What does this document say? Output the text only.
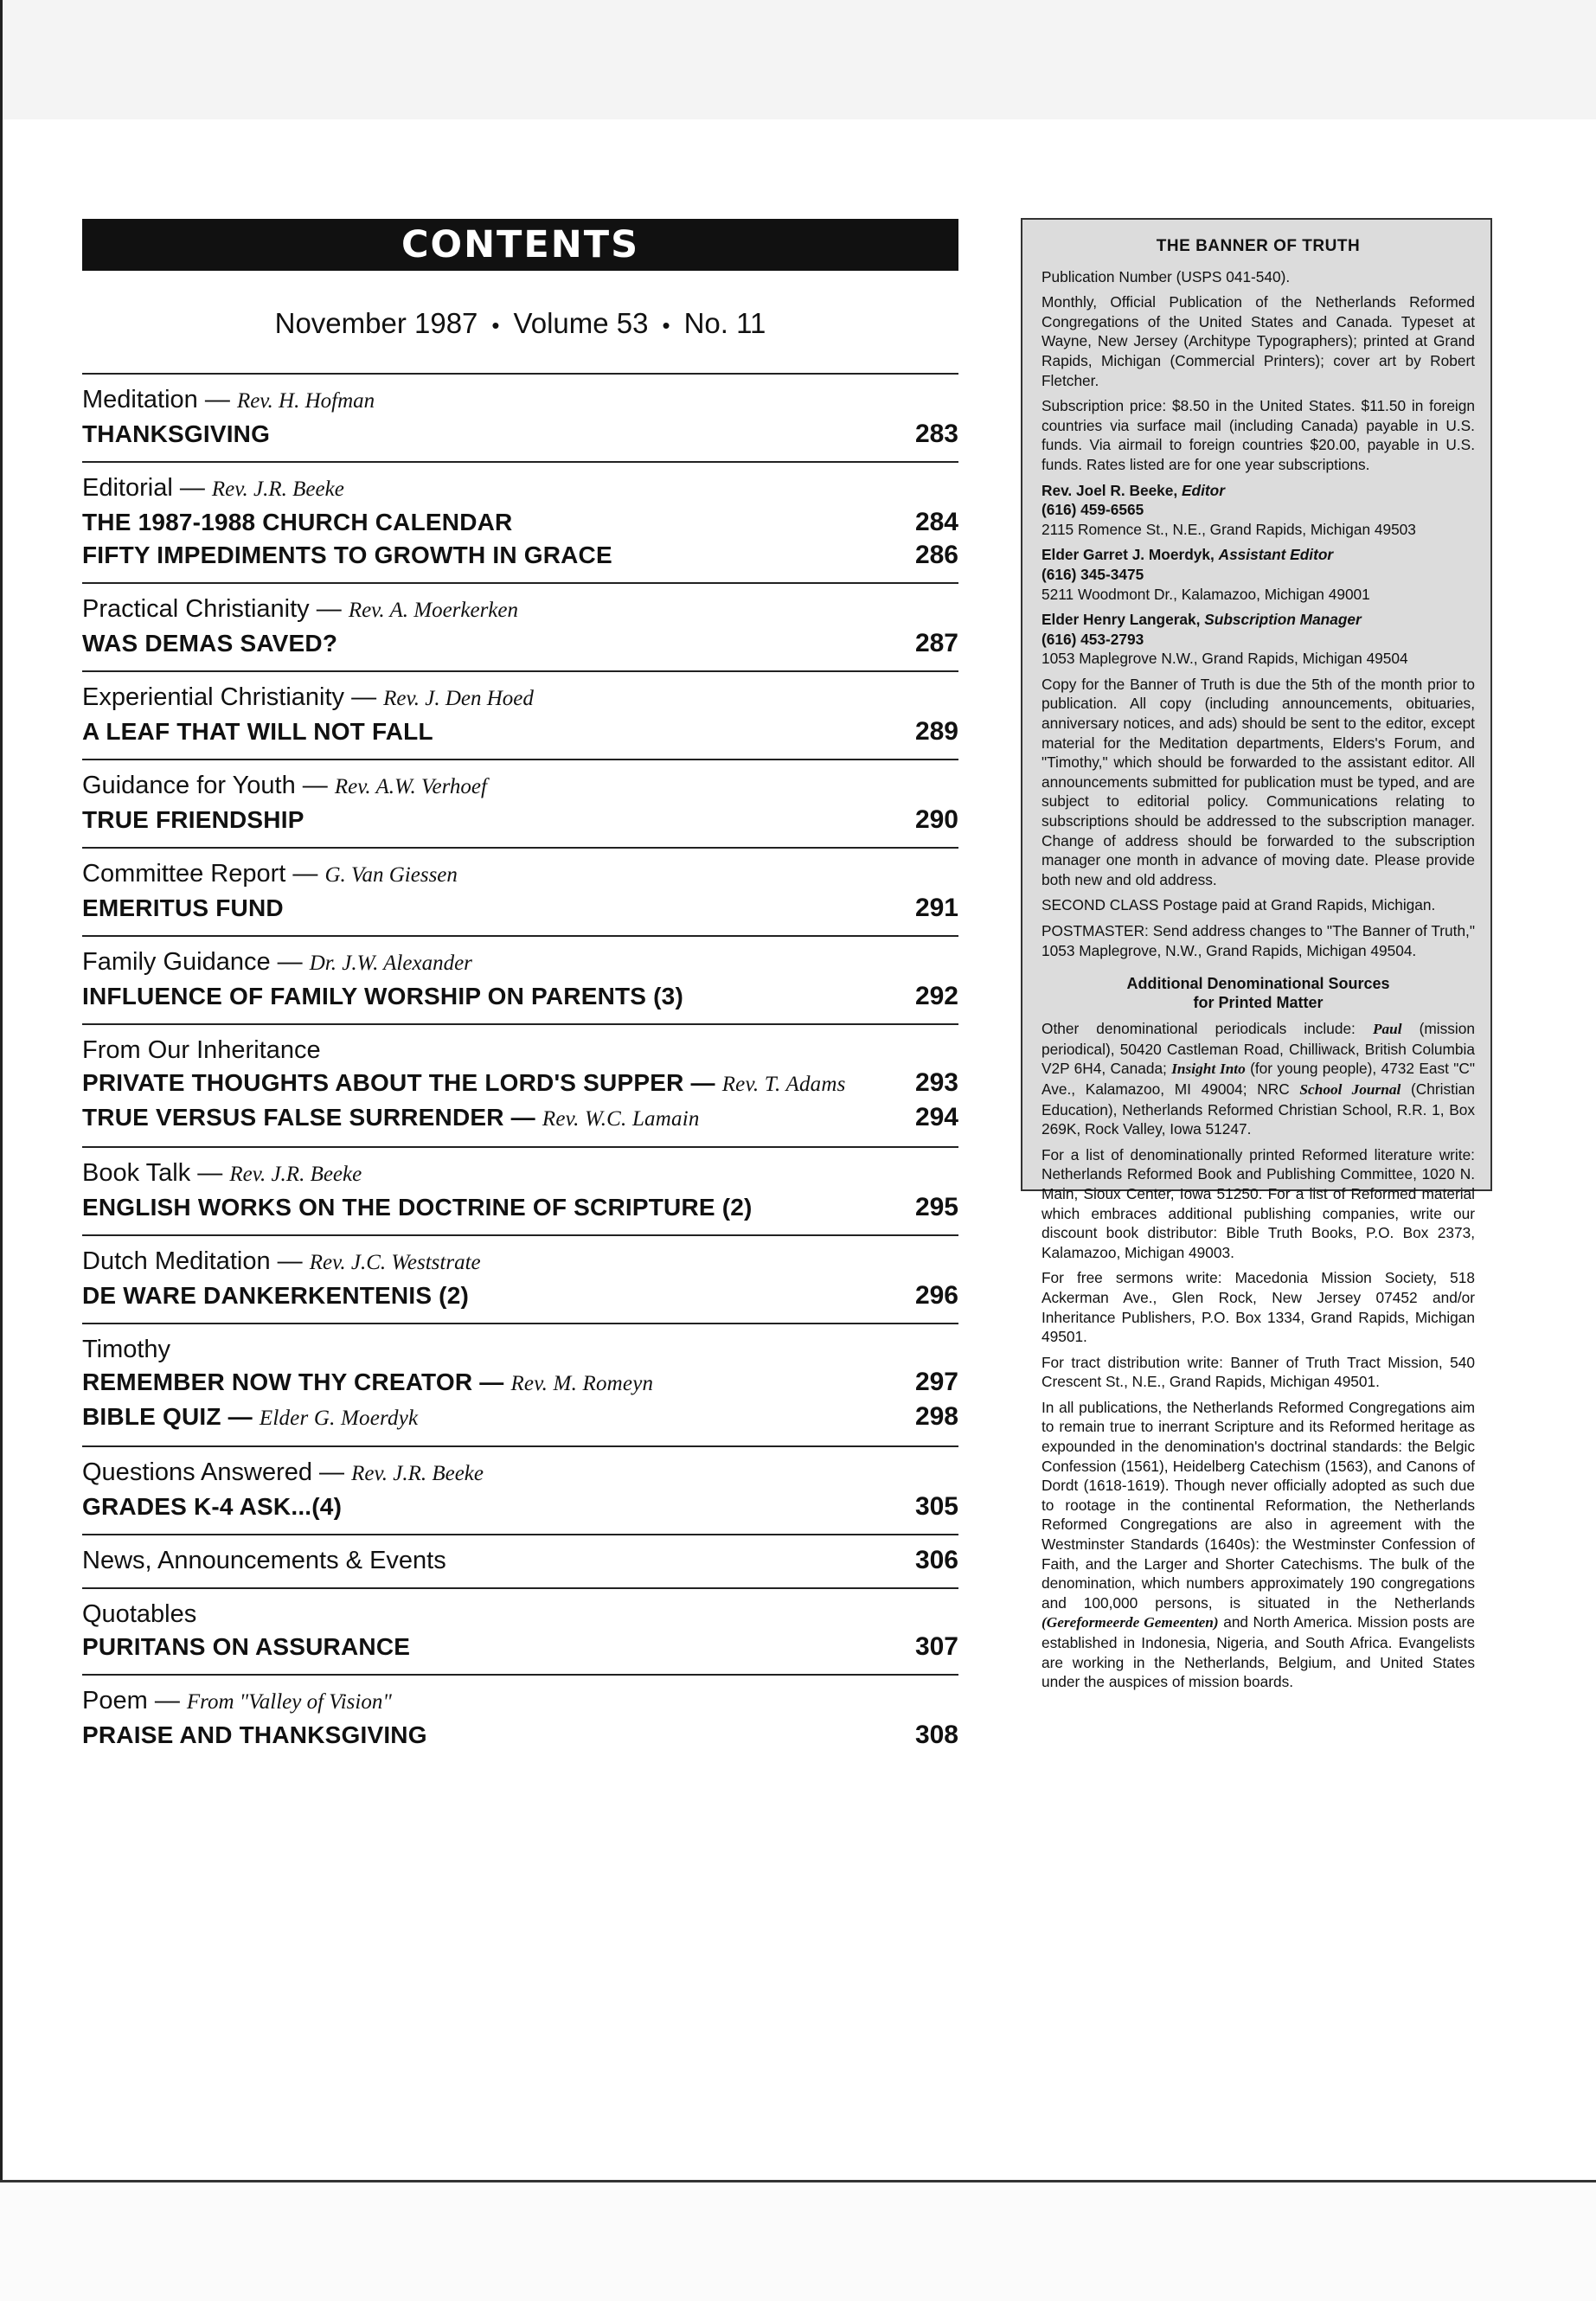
CONTENTS
November 1987 • Volume 53 • No. 11
Meditation — Rev. H. Hofman
THANKSGIVING	283
Editorial — Rev. J.R. Beeke
THE 1987-1988 CHURCH CALENDAR	284
FIFTY IMPEDIMENTS TO GROWTH IN GRACE	286
Practical Christianity — Rev. A. Moerkerken
WAS DEMAS SAVED?	287
Experiential Christianity — Rev. J. Den Hoed
A LEAF THAT WILL NOT FALL	289
Guidance for Youth — Rev. A.W. Verhoef
TRUE FRIENDSHIP	290
Committee Report — G. Van Giessen
EMERITUS FUND	291
Family Guidance — Dr. J.W. Alexander
INFLUENCE OF FAMILY WORSHIP ON PARENTS (3)	292
From Our Inheritance
PRIVATE THOUGHTS ABOUT THE LORD'S SUPPER — Rev. T. Adams	293
TRUE VERSUS FALSE SURRENDER — Rev. W.C. Lamain	294
Book Talk — Rev. J.R. Beeke
ENGLISH WORKS ON THE DOCTRINE OF SCRIPTURE (2)	295
Dutch Meditation — Rev. J.C. Weststrate
DE WARE DANKERKENTENIS (2)	296
Timothy
REMEMBER NOW THY CREATOR — Rev. M. Romeyn	297
BIBLE QUIZ — Elder G. Moerdyk	298
Questions Answered — Rev. J.R. Beeke
GRADES K-4 ASK...(4)	305
News, Announcements & Events	306
Quotables
PURITANS ON ASSURANCE	307
Poem — From "Valley of Vision"
PRAISE AND THANKSGIVING	308
THE BANNER OF TRUTH

Publication Number (USPS 041-540).

Monthly, Official Publication of the Netherlands Reformed Congregations of the United States and Canada. Typeset at Wayne, New Jersey (Architype Typographers); printed at Grand Rapids, Michigan (Commercial Printers); cover art by Robert Fletcher.

Subscription price: $8.50 in the United States. $11.50 in foreign countries via surface mail (including Canada) payable in U.S. funds. Via airmail to foreign countries $20.00, payable in U.S. funds. Rates listed are for one year subscriptions.

Rev. Joel R. Beeke, Editor
(616) 459-6565
2115 Romence St., N.E., Grand Rapids, Michigan 49503
Elder Garret J. Moerdyk, Assistant Editor
(616) 345-3475
5211 Woodmont Dr., Kalamazoo, Michigan 49001
Elder Henry Langerak, Subscription Manager
(616) 453-2793
1053 Maplegrove N.W., Grand Rapids, Michigan 49504

Copy for the Banner of Truth is due the 5th of the month prior to publication. All copy (including announcements, obituaries, anniversary notices, and ads) should be sent to the editor, except material for the Meditation departments, Elders's Forum, and "Timothy," which should be forwarded to the assistant editor. All announcements submitted for publication must be typed, and are subject to editorial policy. Communications relating to subscriptions should be addressed to the subscription manager. Change of address should be forwarded to the subscription manager one month in advance of moving date. Please provide both new and old address.

SECOND CLASS Postage paid at Grand Rapids, Michigan.

POSTMASTER: Send address changes to "The Banner of Truth," 1053 Maplegrove, N.W., Grand Rapids, Michigan 49504.

Additional Denominational Sources
for Printed Matter

Other denominational periodicals include: Paul (mission periodical), 50420 Castleman Road, Chilliwack, British Columbia V2P 6H4, Canada; Insight Into (for young people), 4732 East "C" Ave., Kalamazoo, MI 49004; NRC School Journal (Christian Education), Netherlands Reformed Christian School, R.R. 1, Box 269K, Rock Valley, Iowa 51247.

For a list of denominationally printed Reformed literature write: Netherlands Reformed Book and Publishing Committee, 1020 N. Main, Sioux Center, Iowa 51250. For a list of Reformed material which embraces additional publishing companies, write our discount book distributor: Bible Truth Books, P.O. Box 2373, Kalamazoo, Michigan 49003.

For free sermons write: Macedonia Mission Society, 518 Ackerman Ave., Glen Rock, New Jersey 07452 and/or Inheritance Publishers, P.O. Box 1334, Grand Rapids, Michigan 49501.

For tract distribution write: Banner of Truth Tract Mission, 540 Crescent St., N.E., Grand Rapids, Michigan 49501.

In all publications, the Netherlands Reformed Congregations aim to remain true to inerrant Scripture and its Reformed heritage as expounded in the denomination's doctrinal standards: the Belgic Confession (1561), Heidelberg Catechism (1563), and Canons of Dordt (1618-1619). Though never officially adopted as such due to rootage in the continental Reformation, the Netherlands Reformed Congregations are also in agreement with the Westminster Standards (1640s): the Westminster Confession of Faith, and the Larger and Shorter Catechisms. The bulk of the denomination, which numbers approximately 190 congregations and 100,000 persons, is situated in the Netherlands (Gereformeerde Gemeenten) and North America. Mission posts are established in Indonesia, Nigeria, and South Africa. Evangelists are working in the Netherlands, Belgium, and United States under the auspices of mission boards.
